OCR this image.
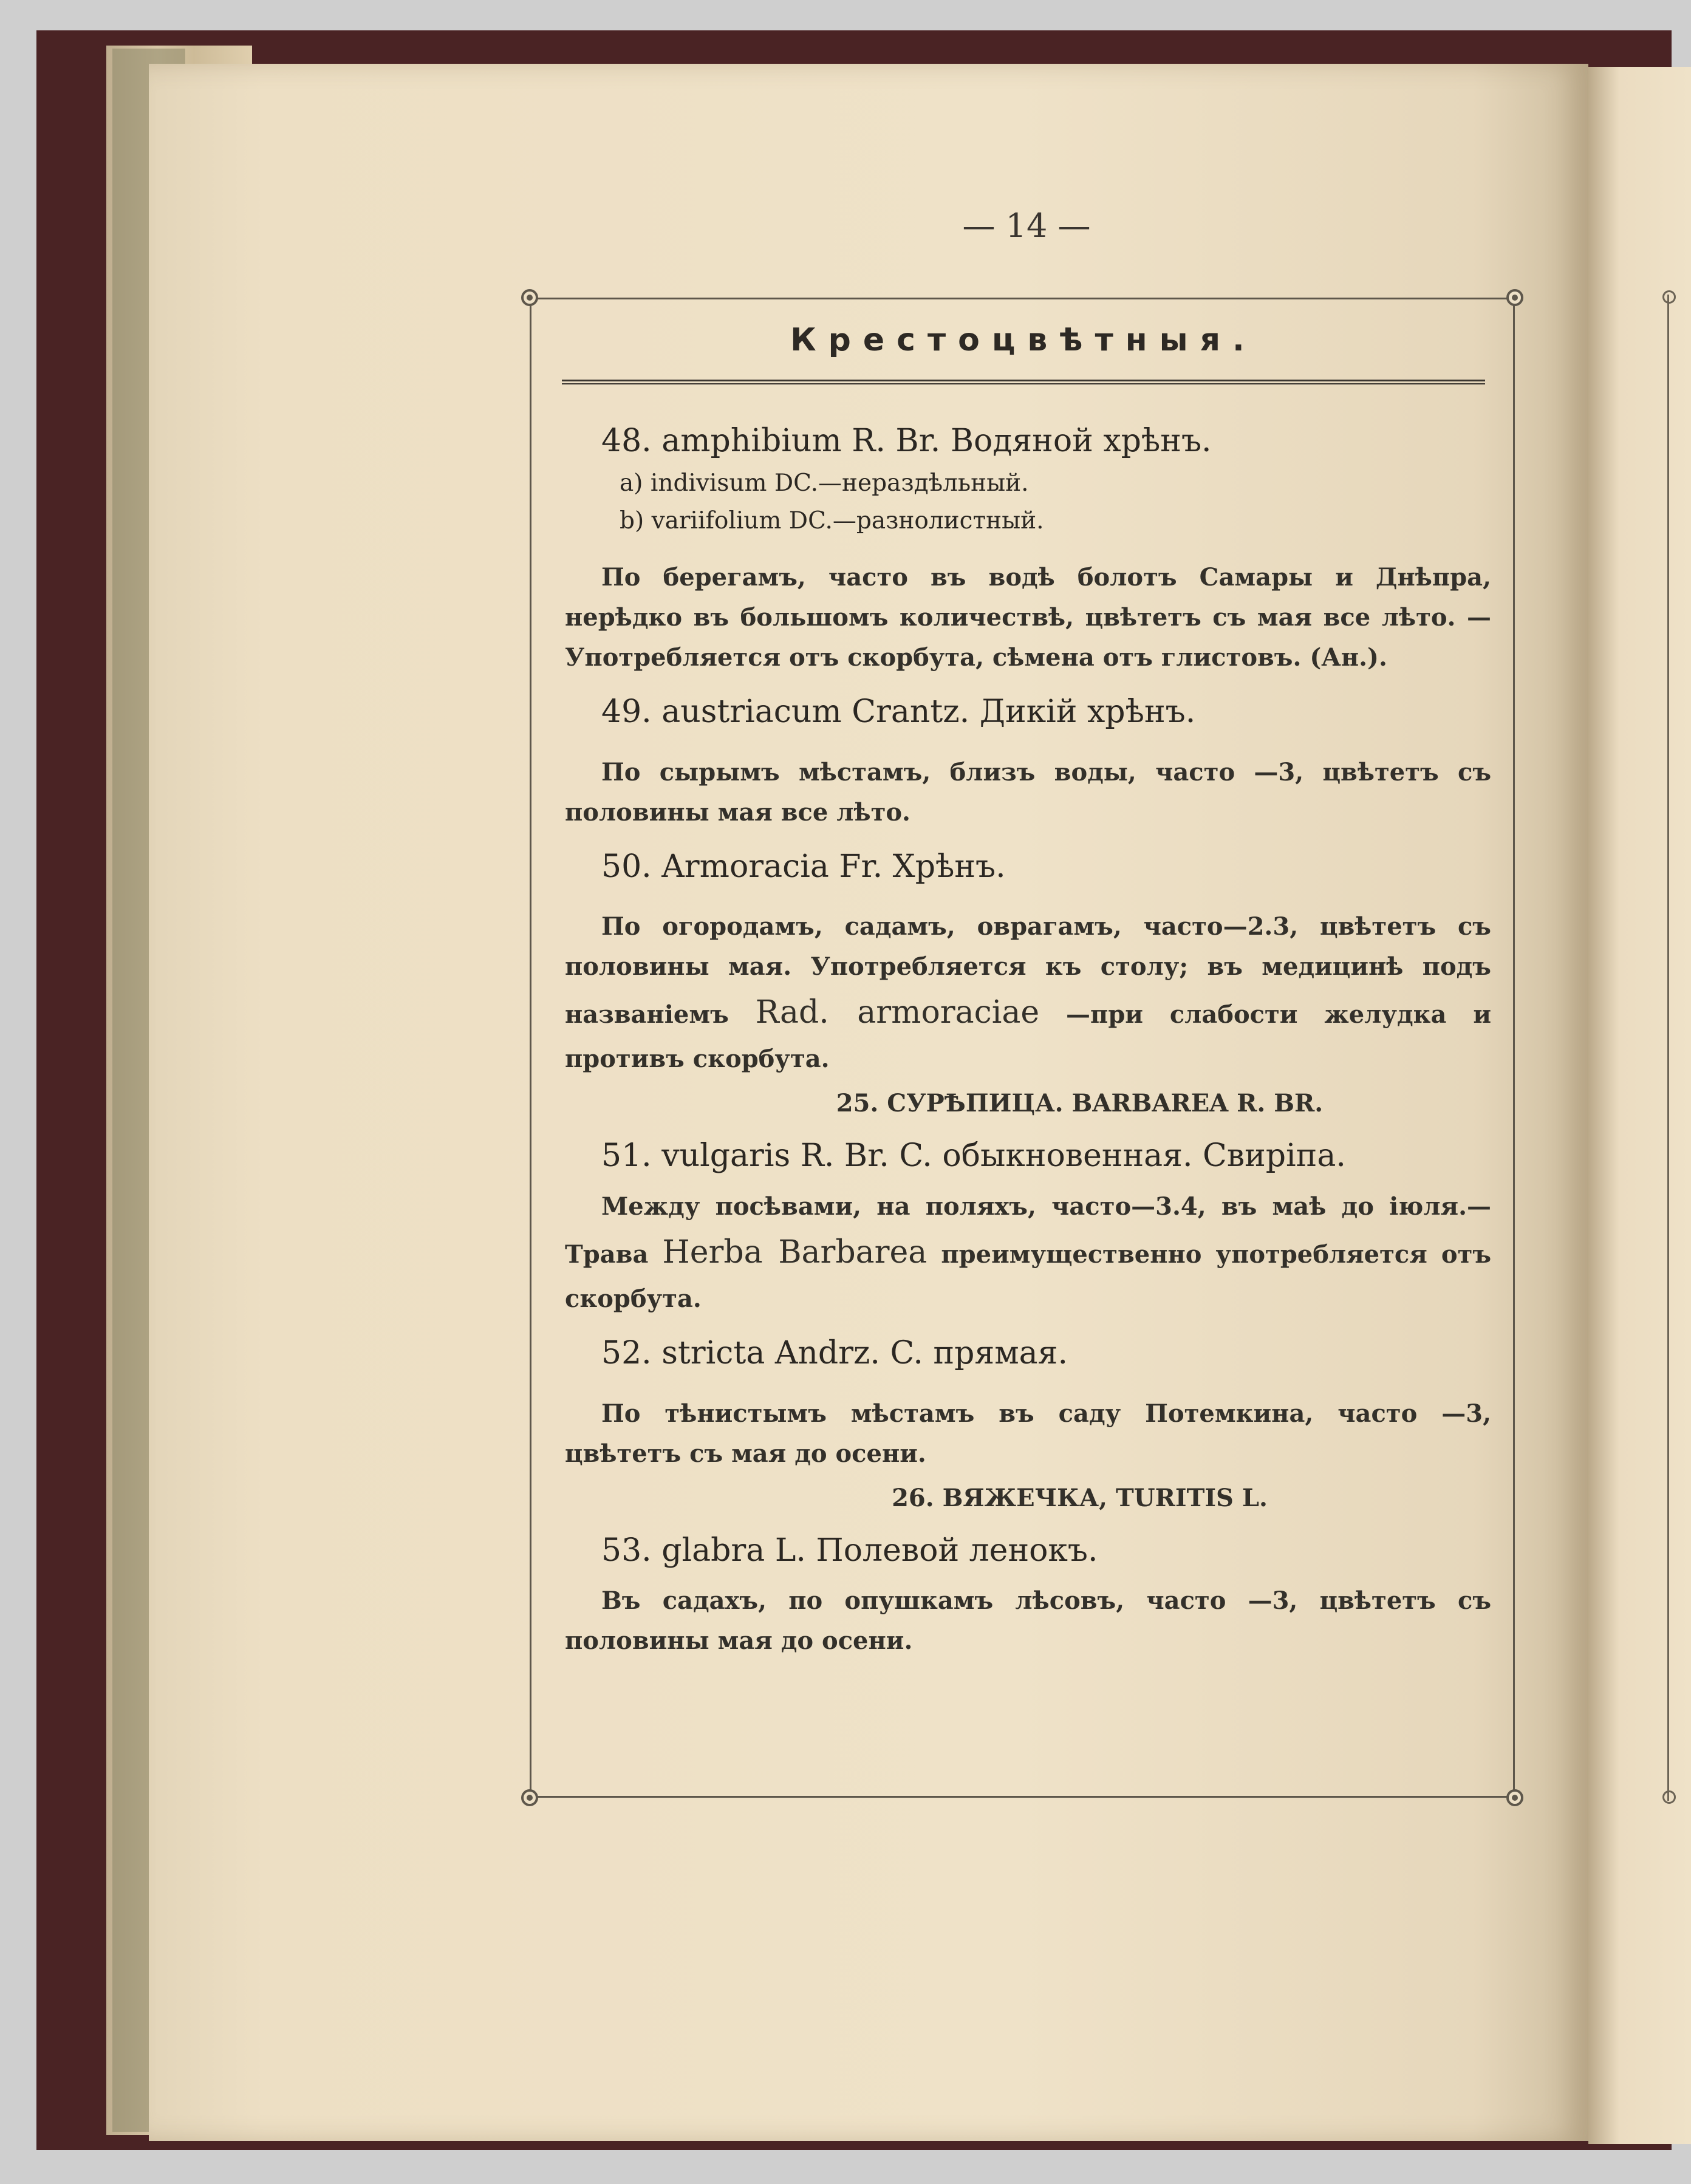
— 14 —
Крестоцвѣтныя.
48. amphibium R. Br. Водяной хрѣнъ.
a) indivisum DC.—нераздѣльный.
b) variifolium DC.—разнолистный.
По берегамъ, часто въ водѣ болотъ Самары и Днѣпра, нерѣдко въ большомъ количествѣ, цвѣтетъ съ мая все лѣто. —Употребляется отъ скорбута, сѣмена отъ глистовъ. (Ан.).
49. austriacum Crantz. Дикій хрѣнъ.
По сырымъ мѣстамъ, близъ воды, часто —3, цвѣтетъ съ половины мая все лѣто.
50. Armoracia Fr. Хрѣнъ.
По огородамъ, садамъ, оврагамъ, часто—2.3, цвѣтетъ съ половины мая. Употребляется къ столу; въ медицинѣ подъ названіемъ Rad. armoraciae —при слабости желудка и противъ скорбута.
25. СУРѢПИЦА. BARBAREA R. BR.
51. vulgaris R. Br. C. обыкновенная. Свиріпа.
Между посѣвами, на поляхъ, часто—3.4, въ маѣ до іюля.—Трава Herba Barbarea преимущественно употребляется отъ скорбута.
52. stricta Andrz. C. прямая.
По тѣнистымъ мѣстамъ въ саду Потемкина, часто —3, цвѣтетъ съ мая до осени.
26. ВЯЖЕЧКА, TURITIS L.
53. glabra L. Полевой ленокъ.
Въ садахъ, по опушкамъ лѣсовъ, часто —3, цвѣтетъ съ половины мая до осени.
